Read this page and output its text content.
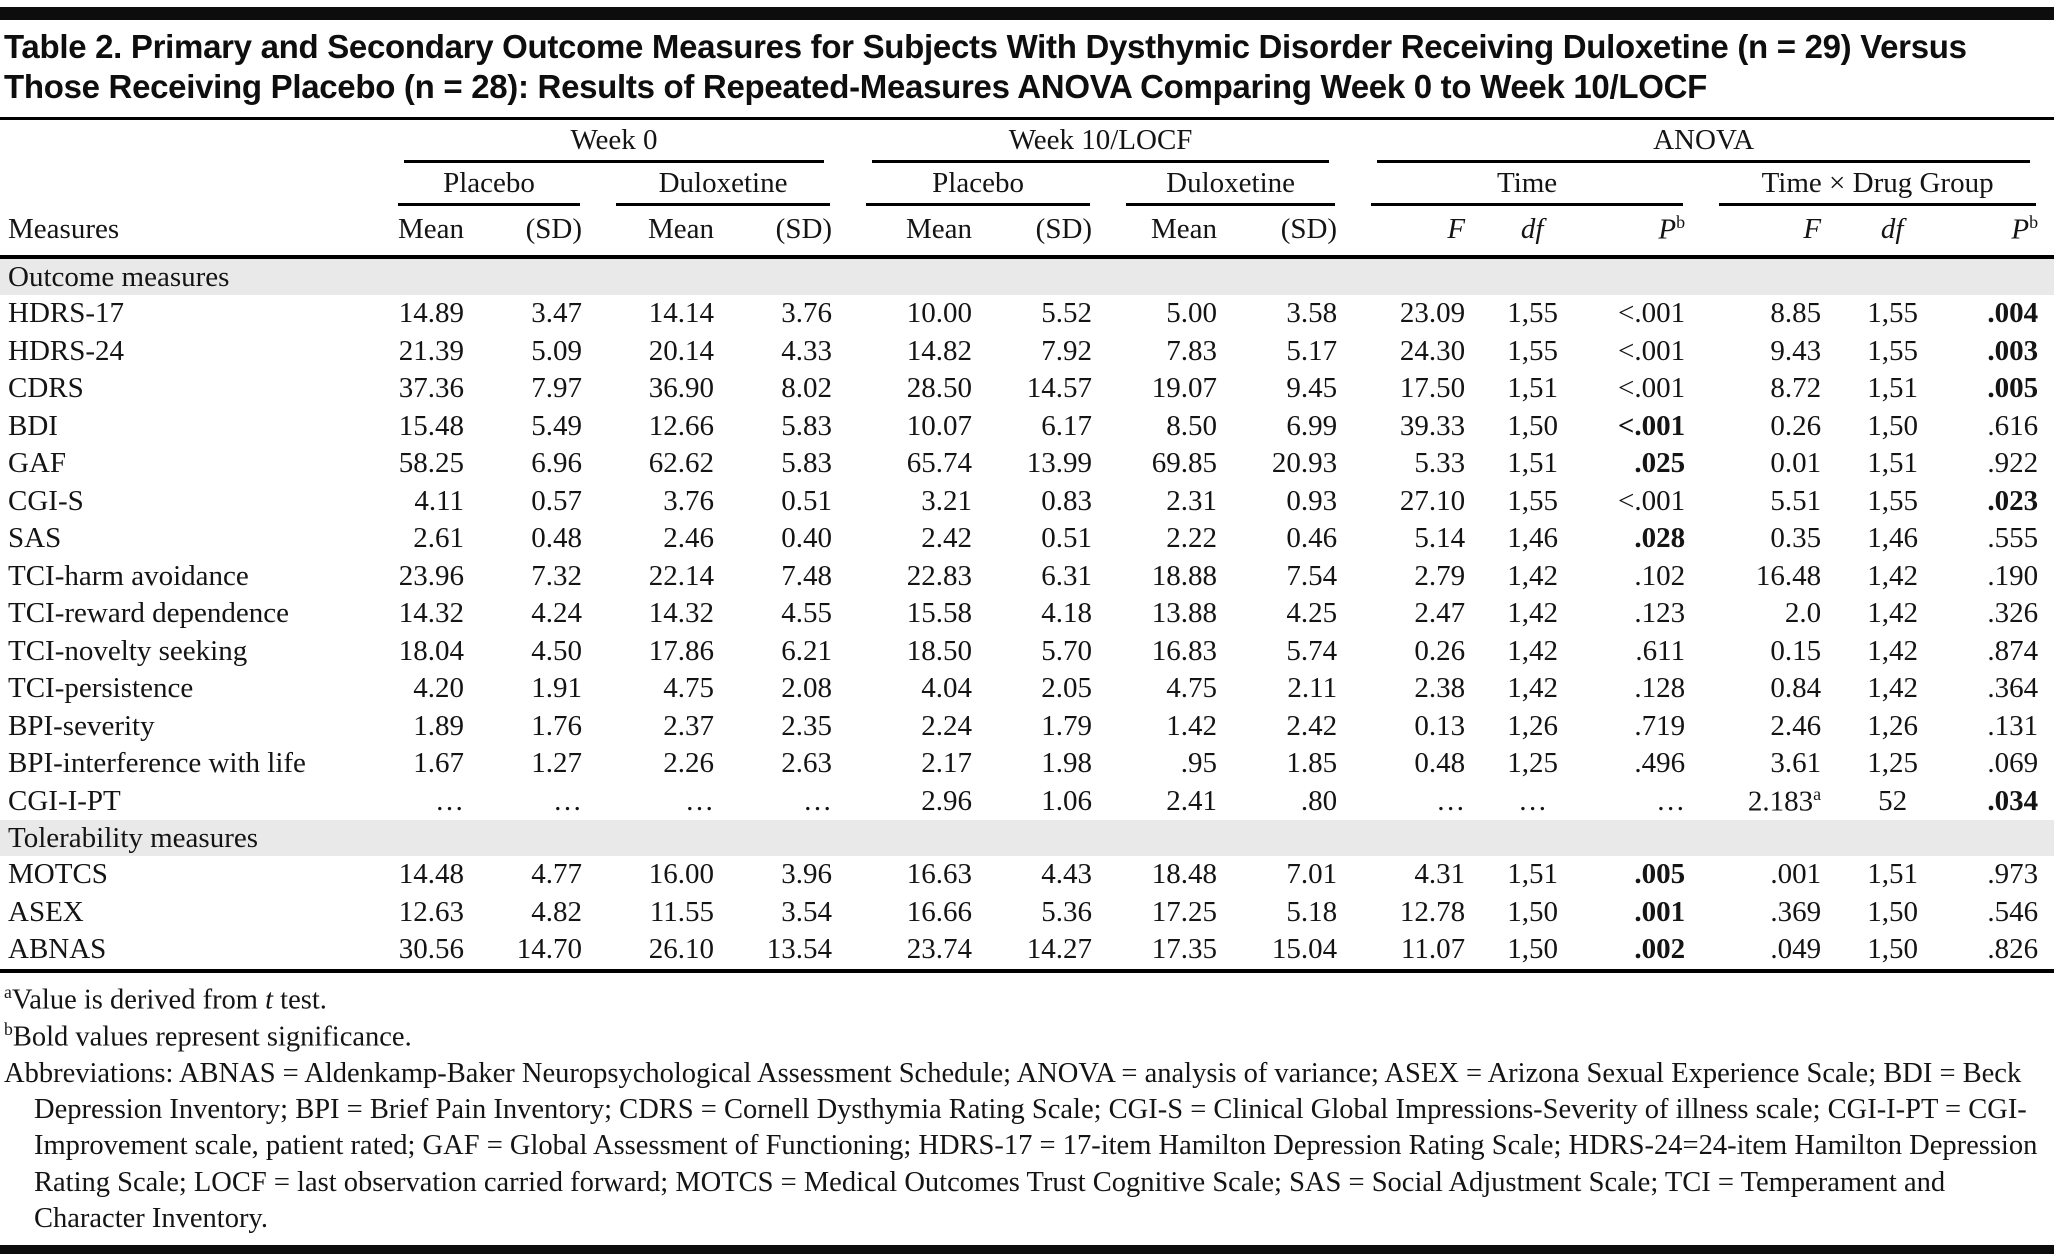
Table 2. Primary and Secondary Outcome Measures for Subjects With Dysthymic Disorder Receiving Duloxetine (n = 29) Versus Those Receiving Placebo (n = 28): Results of Repeated-Measures ANOVA Comparing Week 0 to Week 10/LOCF

	Week 0				Week 10/LOCF				ANOVA					

	Placebo		Duloxetine		Placebo		Duloxetine		Time			Time × Drug Group		

Measures	Mean	(SD)	Mean	(SD)	Mean	(SD)	Mean	(SD)	F	df	$P^b$	F	df	$P^b$
Outcome measures														
HDRS-17	14.89	3.47	14.14	3.76	10.00	5.52	5.00	3.58	23.09	1,55	<.001	8.85	1,55	.004
HDRS-24	21.39	5.09	20.14	4.33	14.82	7.92	7.83	5.17	24.30	1,55	<.001	9.43	1,55	.003
CDRS	37.36	7.97	36.90	8.02	28.50	14.57	19.07	9.45	17.50	1,51	<.001	8.72	1,51	.005
BDI	15.48	5.49	12.66	5.83	10.07	6.17	8.50	6.99	39.33	1,50	<.001	0.26	1,50	.616
GAF	58.25	6.96	62.62	5.83	65.74	13.99	69.85	20.93	5.33	1,51	.025	0.01	1,51	.922
CGI-S	4.11	0.57	3.76	0.51	3.21	0.83	2.31	0.93	27.10	1,55	<.001	5.51	1,55	.023
SAS	2.61	0.48	2.46	0.40	2.42	0.51	2.22	0.46	5.14	1,46	.028	0.35	1,46	.555
TCI-harm avoidance	23.96	7.32	22.14	7.48	22.83	6.31	18.88	7.54	2.79	1,42	.102	16.48	1,42	.190
TCI-reward dependence	14.32	4.24	14.32	4.55	15.58	4.18	13.88	4.25	2.47	1,42	.123	2.0	1,42	.326
TCI-novelty seeking	18.04	4.50	17.86	6.21	18.50	5.70	16.83	5.74	0.26	1,42	.611	0.15	1,42	.874
TCI-persistence	4.20	1.91	4.75	2.08	4.04	2.05	4.75	2.11	2.38	1,42	.128	0.84	1,42	.364
BPI-severity	1.89	1.76	2.37	2.35	2.24	1.79	1.42	2.42	0.13	1,26	.719	2.46	1,26	.131
BPI-interference with life	1.67	1.27	2.26	2.63	2.17	1.98	.95	1.85	0.48	1,25	.496	3.61	1,25	.069
CGI-I-PT	…	…	…	…	2.96	1.06	2.41	.80	…	…	…	2.183$^a$	52	.034
Tolerability measures														
MOTCS	14.48	4.77	16.00	3.96	16.63	4.43	18.48	7.01	4.31	1,51	.005	.001	1,51	.973
ASEX	12.63	4.82	11.55	3.54	16.66	5.36	17.25	5.18	12.78	1,50	.001	.369	1,50	.546
ABNAS	30.56	14.70	26.10	13.54	23.74	14.27	17.35	15.04	11.07	1,50	.002	.049	1,50	.826
$^a$Value is derived from t test.
$^b$Bold values represent significance.
Abbreviations: ABNAS = Aldenkamp-Baker Neuropsychological Assessment Schedule; ANOVA = analysis of variance; ASEX = Arizona Sexual Experience Scale; BDI = Beck Depression Inventory; BPI = Brief Pain Inventory; CDRS = Cornell Dysthymia Rating Scale; CGI-S = Clinical Global Impressions-Severity of illness scale; CGI-I-PT = CGI-Improvement scale, patient rated; GAF = Global Assessment of Functioning; HDRS-17 = 17-item Hamilton Depression Rating Scale; HDRS-24=24-item Hamilton Depression Rating Scale; LOCF = last observation carried forward; MOTCS = Medical Outcomes Trust Cognitive Scale; SAS = Social Adjustment Scale; TCI = Temperament and Character Inventory.
